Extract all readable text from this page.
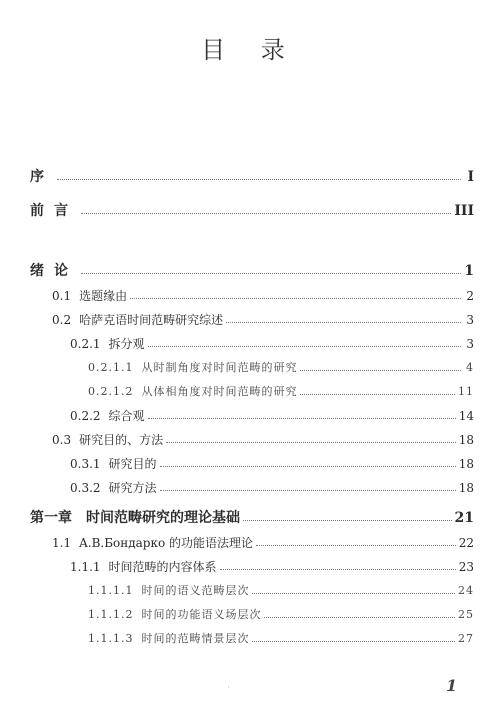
目 录
序	I
前言	III
绪论	1
0.1 选题缘由	2
0.2 哈萨克语时间范畴研究综述	3
0.2.1 拆分观	3
0.2.1.1 从时制角度对时间范畴的研究	4
0.2.1.2 从体相角度对时间范畴的研究	11
0.2.2 综合观	14
0.3 研究目的、方法	18
0.3.1 研究目的	18
0.3.2 研究方法	18
第一章 时间范畴研究的理论基础	21
1.1 A.B.Бондарко 的功能语法理论	22
1.1.1 时间范畴的内容体系	23
1.1.1.1 时间的语义范畴层次	24
1.1.1.2 时间的功能语义场层次	25
1.1.1.3 时间的范畴情景层次	27
'	1
